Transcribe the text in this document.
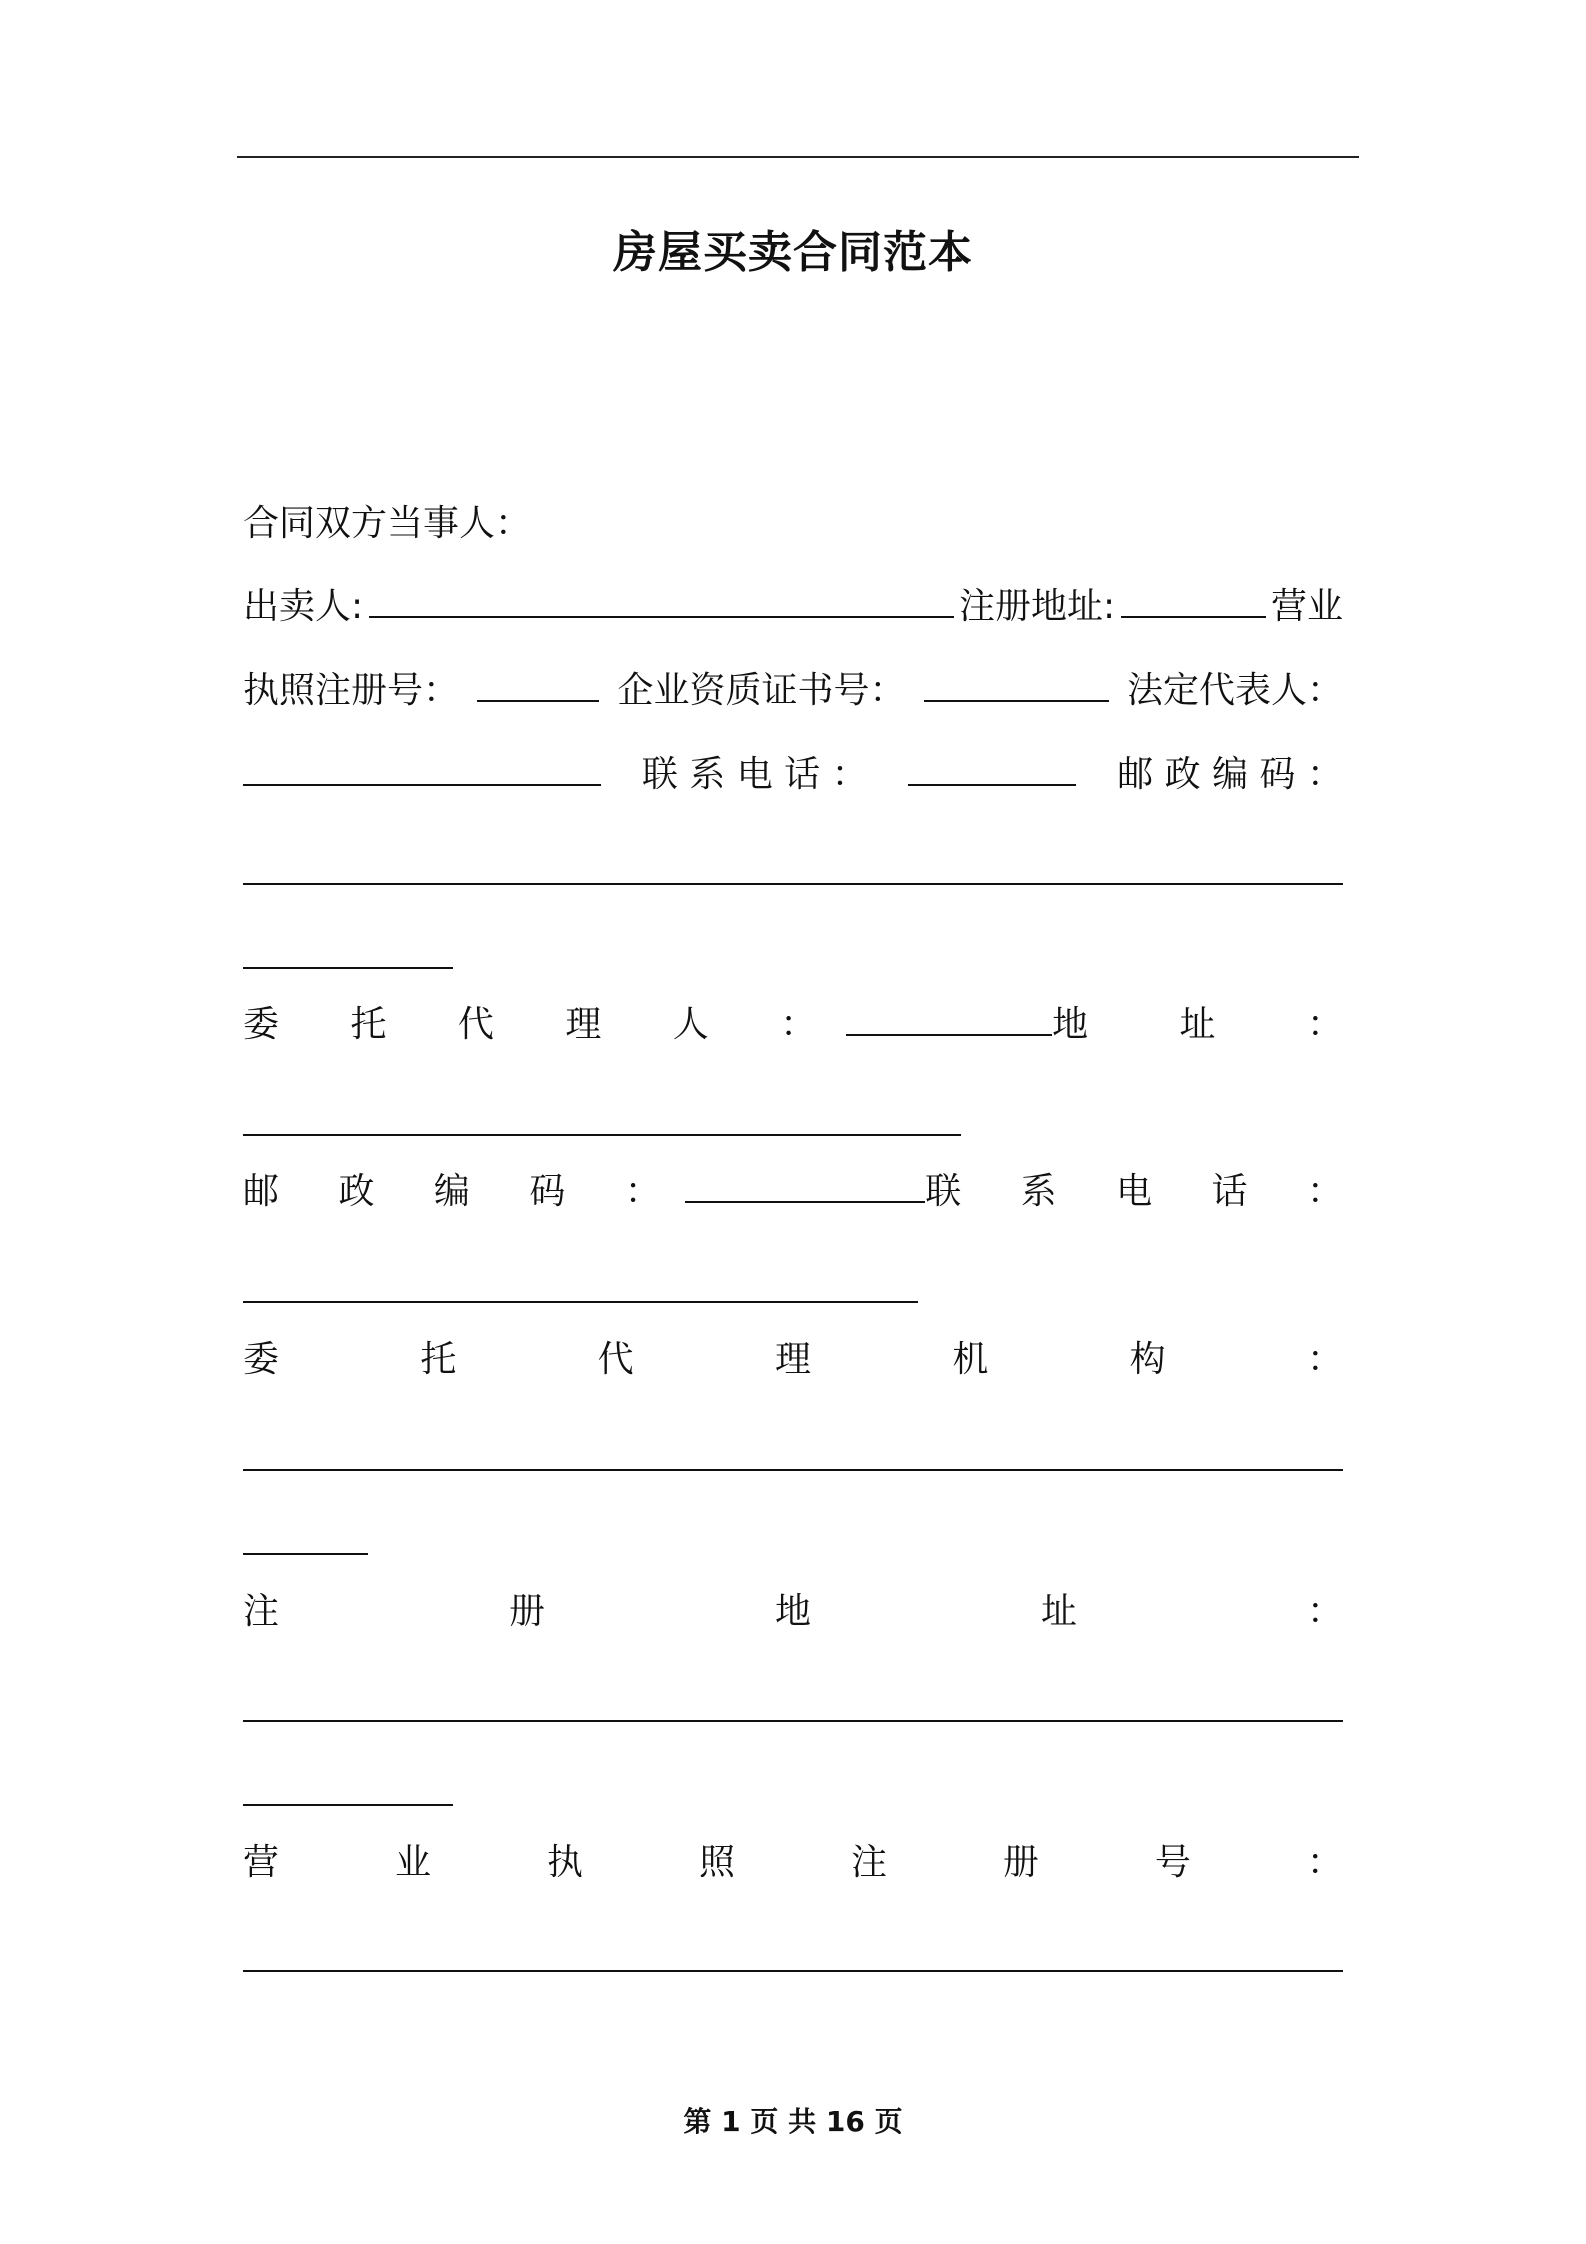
房屋买卖合同范本
合同双方当事人：
出卖人:	注册地址:	营业
执照注册号：	企业资质证书号：	法定代表人：
联 系 电 话 ：	邮 政 编 码 ：
委 托 代 理 人 ：	地 址 ：
邮 政 编 码 ：	联 系 电 话 ：
委	托	代	理	机	构	：
注	册	地	址	：
营	业	执	照	注	册	号	：
第 1 页 共 16 页
